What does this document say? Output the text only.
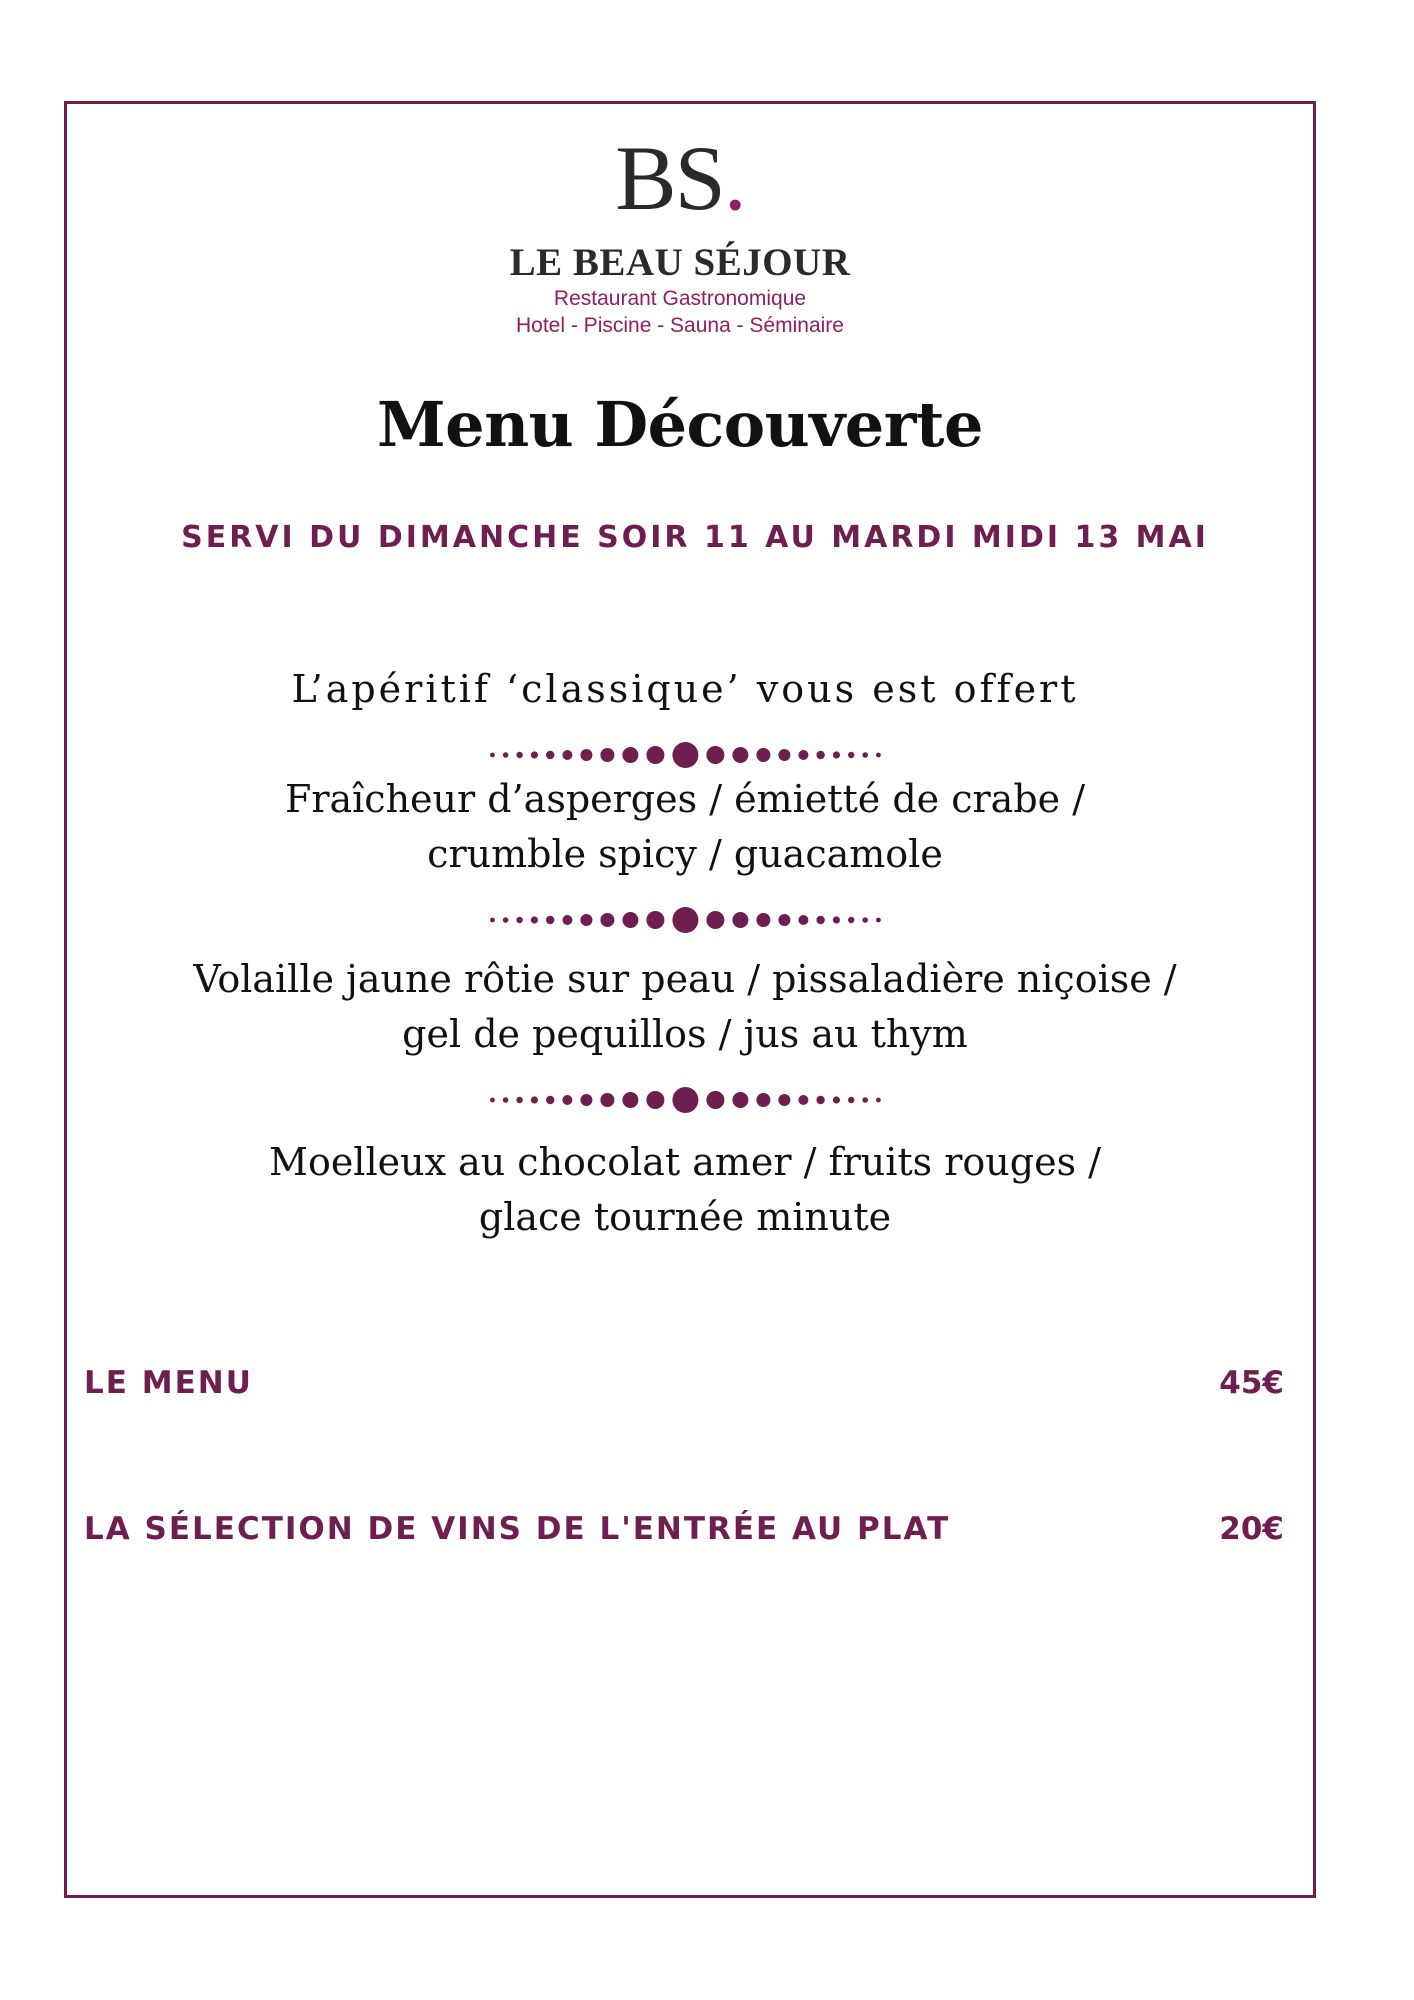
BS.
LE BEAU SÉJOUR
Restaurant Gastronomique
Hotel - Piscine - Sauna - Séminaire
Menu Découverte
SERVI DU DIMANCHE SOIR 11 AU MARDI MIDI 13 MAI
L’apéritif ‘classique’ vous est offert
Fraîcheur d’asperges / émietté de crabe /
crumble spicy / guacamole
Volaille jaune rôtie sur peau / pissaladière niçoise /
gel de pequillos / jus au thym
Moelleux au chocolat amer / fruits rouges /
glace tournée minute
LE MENU	45€
LA SÉLECTION DE VINS DE L'ENTRÉE AU PLAT	20€
